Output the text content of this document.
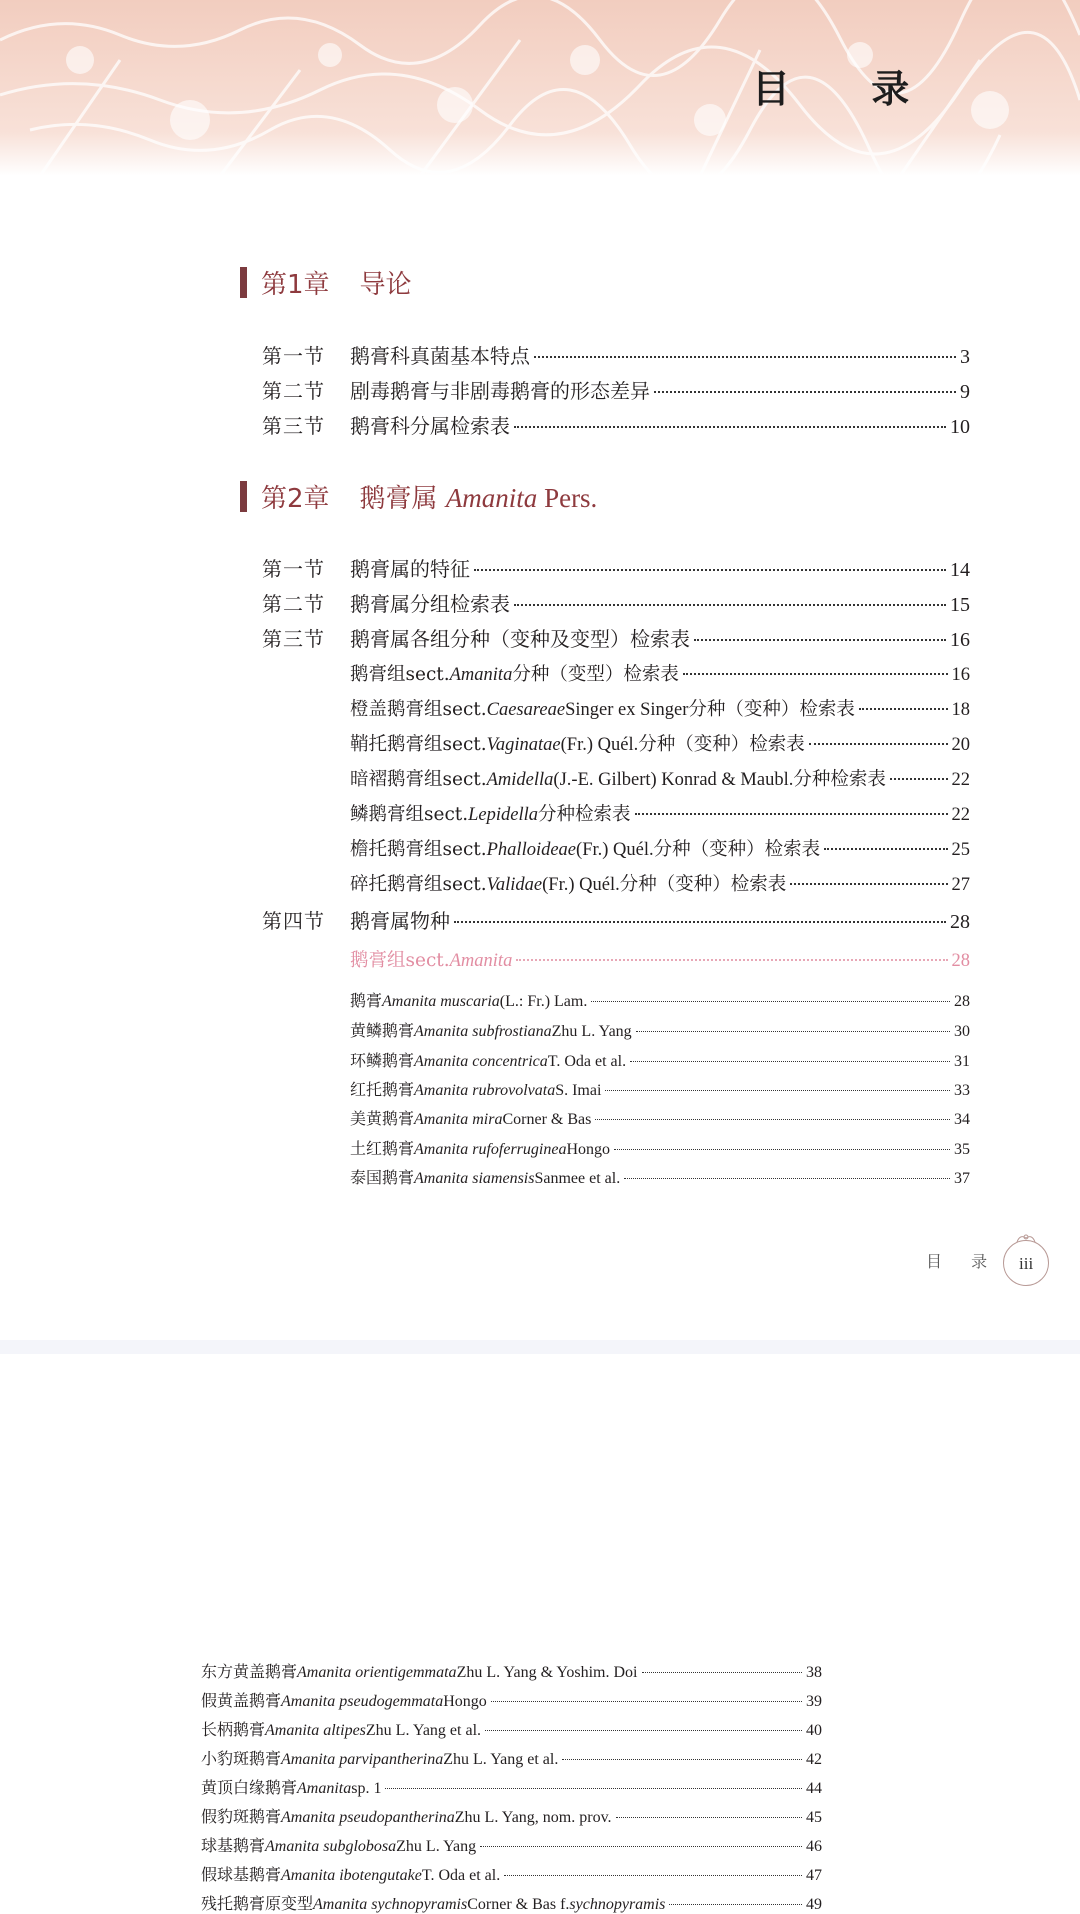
目 录
第1章 导论
第一节	鹅膏科真菌基本特点	3
第二节	剧毒鹅膏与非剧毒鹅膏的形态差异	9
第三节	鹅膏科分属检索表	10
第2章 鹅膏属 Amanita Pers.
第一节	鹅膏属的特征	14
第二节	鹅膏属分组检索表	15
第三节	鹅膏属各组分种（变种及变型）检索表	16
鹅膏组sect. Amanita 分种（变型）检索表	16
橙盖鹅膏组sect. Caesareae Singer ex Singer 分种（变种）检索表	18
鞘托鹅膏组sect. Vaginatae (Fr.) Quél. 分种（变种）检索表	20
暗褶鹅膏组sect. Amidella (J.-E. Gilbert) Konrad & Maubl. 分种检索表	22
鳞鹅膏组sect. Lepidella 分种检索表	22
檐托鹅膏组sect. Phalloideae (Fr.) Quél. 分种（变种）检索表	25
碎托鹅膏组sect. Validae (Fr.) Quél. 分种（变种）检索表	27
第四节	鹅膏属物种	28
鹅膏组sect. Amanita	28
鹅膏 Amanita muscaria (L.: Fr.) Lam.	28
黄鳞鹅膏 Amanita subfrostiana Zhu L. Yang	30
环鳞鹅膏 Amanita concentrica T. Oda et al.	31
红托鹅膏 Amanita rubrovolvata S. Imai	33
美黄鹅膏 Amanita mira Corner & Bas	34
土红鹅膏 Amanita rufoferruginea Hongo	35
泰国鹅膏 Amanita siamensis Sanmee et al.	37
目 录	iii
东方黄盖鹅膏 Amanita orientigemmata Zhu L. Yang & Yoshim. Doi	38
假黄盖鹅膏 Amanita pseudogemmata Hongo	39
长柄鹅膏 Amanita altipes Zhu L. Yang et al.	40
小豹斑鹅膏 Amanita parvipantherina Zhu L. Yang et al.	42
黄顶白缘鹅膏 Amanita sp. 1	44
假豹斑鹅膏 Amanita pseudopantherina Zhu L. Yang, nom. prov.	45
球基鹅膏 Amanita subglobosa Zhu L. Yang	46
假球基鹅膏 Amanita ibotengutake T. Oda et al.	47
残托鹅膏原变型 Amanita sychnopyramis Corner & Bas f. sychnopyramis	49
